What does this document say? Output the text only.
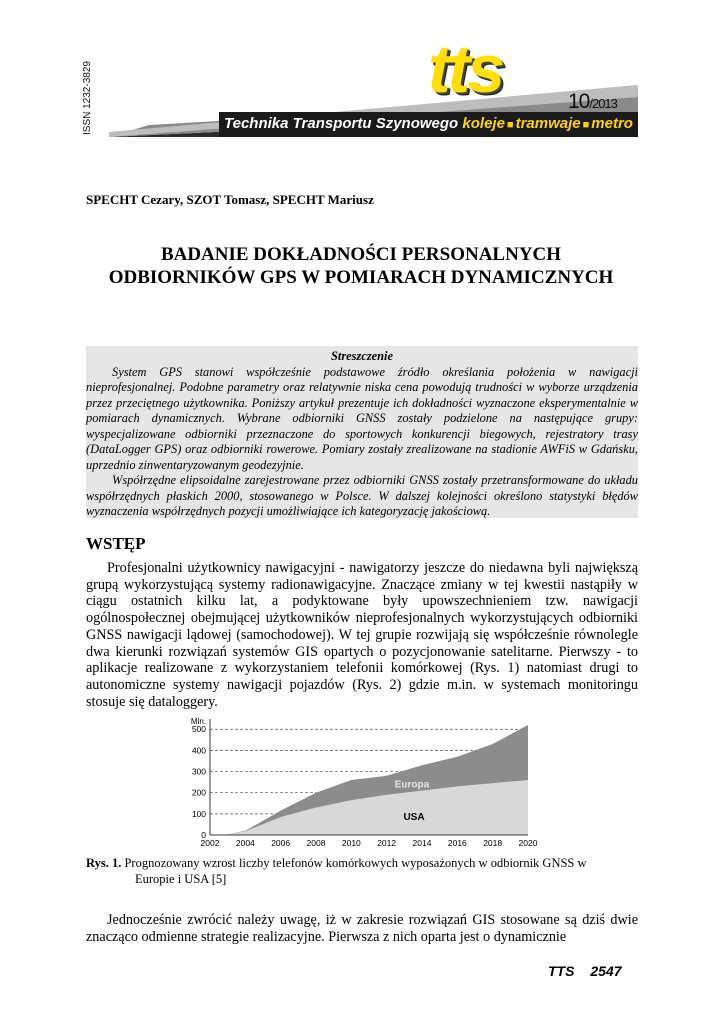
ISSN 1232-3829	tts	10/2013
Technika Transportu Szynowego koleje ■ tramwaje ■ metro
SPECHT Cezary, SZOT Tomasz, SPECHT Mariusz
BADANIE DOKŁADNOŚCI PERSONALNYCH ODBIORNIKÓW GPS W POMIARACH DYNAMICZNYCH
Streszczenie

System GPS stanowi współcześnie podstawowe źródło określania położenia w nawigacji nieprofesjonalnej. Podobne parametry oraz relatywnie niska cena powodują trudności w wyborze urządzenia przez przeciętnego użytkownika. Poniższy artykuł prezentuje ich dokładności wyznaczone eksperymentalnie w pomiarach dynamicznych. Wybrane odbiorniki GNSS zostały podzielone na następujące grupy: wyspecjalizowane odbiorniki przeznaczone do sportowych konkurencji biegowych, rejestratory trasy (DataLogger GPS) oraz odbiorniki rowerowe. Pomiary zostały zrealizowane na stadionie AWFiS w Gdańsku, uprzednio zinwentaryzowanym geodezyjnie.

Współrzędne elipsoidalne zarejestrowane przez odbiorniki GNSS zostały przetransformowane do układu współrzędnych płaskich 2000, stosowanego w Polsce. W dalszej kolejności określono statystyki błędów wyznaczenia współrzędnych pozycji umożliwiające ich kategoryzację jakościową.

WSTĘP

Profesjonalni użytkownicy nawigacyjni - nawigatorzy jeszcze do niedawna byli największą grupą wykorzystującą systemy radionawigacyjne. Znaczące zmiany w tej kwestii nastąpiły w ciągu ostatnich kilku lat, a podyktowane były upowszechnieniem tzw. nawigacji ogólnospołecznej obejmującej użytkowników nieprofesjonalnych wykorzystujących odbiorniki GNSS nawigacji lądowej (samochodowej). W tej grupie rozwijają się współcześnie równolegle dwa kierunki rozwiązań systemów GIS opartych o pozycjonowanie satelitarne. Pierwszy - to aplikacje realizowane z wykorzystaniem telefonii komórkowej (Rys. 1) natomiast drugi to autonomiczne systemy nawigacji pojazdów (Rys. 2) gdzie m.in. w systemach monitoringu stosuje się dataloggery.

Mln.
0
100
200
300
400
500
2002 2004 2006 2008 2010 2012 2014 2016 2018 2020
Europa
USA
Rys. 1. Prognozowany wzrost liczby telefonów komórkowych wyposażonych w odbiornik GNSS w
Europie i USA [5]

Jednocześnie zwrócić należy uwagę, iż w zakresie rozwiązań GIS stosowane są dziś dwie znacząco odmienne strategie realizacyjne. Pierwsza z nich oparta jest o dynamicznie

TTS 2547
